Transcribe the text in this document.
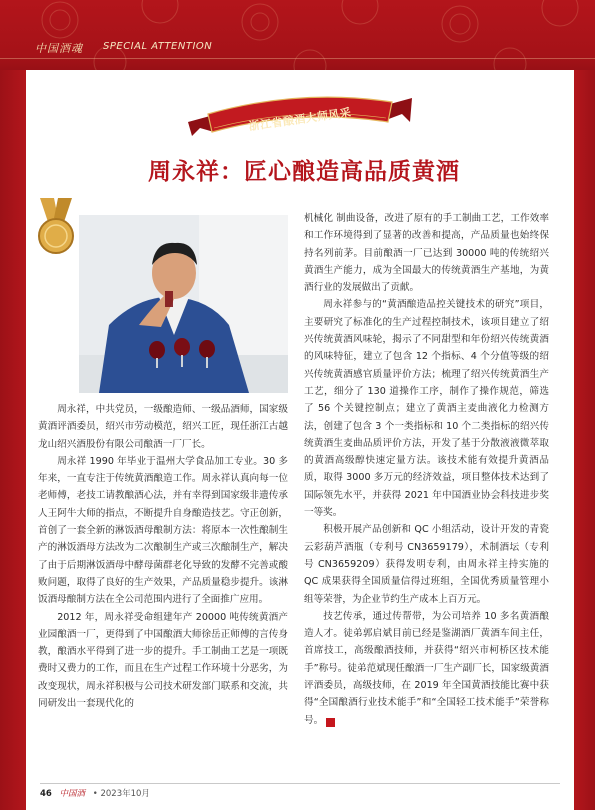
中国酒魂 SPECIAL ATTENTION
浙江省酿酒大师风采
周永祥：匠心酿造高品质黄酒

周永祥，中共党员，一级酿造师、一级品酒师，国家级黄酒评酒委员，绍兴市劳动模范，绍兴工匠，现任浙江古越龙山绍兴酒股份有限公司酿酒一厂厂长。

周永祥 1990 年毕业于温州大学食品加工专业。30 多年来，一直专注于传统黄酒酿造工作。周永祥认真向每一位老师傅，老技工请教酿酒心法，并有幸得到国家级非遗传承人王阿牛大师的指点，不断提升自身酿造技艺。守正创新，首创了一套全新的淋饭酒母酿制方法：将原本一次性酿制生产的淋饭酒母方法改为二次酿制生产或三次酿制生产，解决了由于后期淋饭酒母中酵母菌群老化导致的发酵不完善或酸败问题，取得了良好的生产效果，产品质量稳步提升。该淋饭酒母酿制方法在全公司范围内进行了全面推广应用。

2012 年，周永祥受命组建年产 20000 吨传统黄酒产业园酿酒一厂，更得到了中国酿酒大师徐岳正师傅的言传身教，酿酒水平得到了进一步的提升。手工制曲工艺是一项既费时又费力的工作，而且在生产过程工作环境十分恶劣，为改变现状，周永祥积极与公司技术研发部门联系和交流，共同研发出一套现代化的

机械化 制曲设备，改进了原有的手工制曲工艺，工作效率和工作环境得到了显著的改善和提高，产品质量也始终保持名列前茅。目前酿酒一厂已达到 30000 吨的传统绍兴黄酒生产能力，成为全国最大的传统黄酒生产基地，为黄酒行业的发展做出了贡献。

周永祥参与的“黄酒酿造品控关键技术的研究”项目，主要研究了标准化的生产过程控制技术，该项目建立了绍兴传统黄酒风味轮，揭示了不同甜型和年份绍兴传统黄酒的风味特征，建立了包含 12 个指标、4 个分值等级的绍兴传统黄酒感官质量评价方法；梳理了绍兴传统黄酒生产工艺，细分了 130 道操作工序，制作了操作规范，筛选了 56 个关键控制点；建立了黄酒主麦曲液化力检测方法，创建了包含 3 个一类指标和 10 个二类指标的绍兴传统黄酒生麦曲品质评价方法，开发了基于分散液液微萃取的黄酒高级醇快速定量方法。该技术能有效提升黄酒品质，取得 3000 多万元的经济效益，项目整体技术达到了国际领先水平，并获得 2021 年中国酒业协会科技进步奖一等奖。

积极开展产品创新和 QC 小组活动，设计开发的青瓷云彩葫芦酒瓶（专利号 CN3659179），术制酒坛（专利号 CN3659209）获得发明专利，由周永祥主持实施的 QC 成果获得全国质量信得过班组，全国优秀质量管理小组等荣誉，为企业节约生产成本上百万元。

技艺传承，通过传帮带，为公司培养 10 多名黄酒酿造人才。徒弟郭启斌目前已经是鉴湖酒厂黄酒车间主任，首席技工，高级酿酒技师，并获得“绍兴市柯桥区技术能手”称号。徒弟范斌现任酿酒一厂生产副厂长，国家级黄酒评酒委员，高级技师，在 2019 年全国黄酒技能比赛中获得“全国酿酒行业技术能手”和“全国轻工技术能手”荣誉称号。	◆

46 中国酒 • 2023年10月
